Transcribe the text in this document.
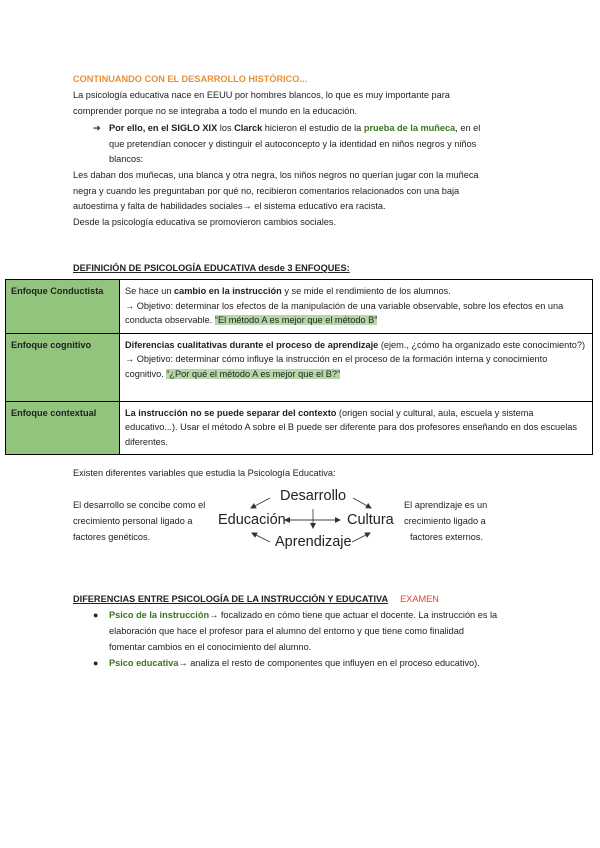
CONTINUANDO CON EL DESARROLLO HISTÓRICO...
La psicología educativa nace en EEUU por hombres blancos, lo que es muy importante para
comprender porque no se integraba a todo el mundo en la educación.
➔ Por ello, en el SIGLO XIX los Clarck hicieron el estudio de la prueba de la muñeca, en el
que pretendían conocer y distinguir el autoconcepto y la identidad en niños negros y niños
blancos:
Les daban dos muñecas, una blanca y otra negra, los niños negros no querían jugar con la muñeca
negra y cuando les preguntaban por qué no, recibieron comentarios relacionados con una baja
autoestima y falta de habilidades sociales→ el sistema educativo era racista.
Desde la psicología educativa se promovieron cambios sociales.
DEFINICIÓN DE PSICOLOGÍA EDUCATIVA desde 3 ENFOQUES:
Enfoque Conductista	Se hace un cambio en la instrucción y se mide el rendimiento de los alumnos.
→ Objetivo: determinar los efectos de la manipulación de una variable observable, sobre los efectos en una conducta observable. “El método A es mejor que el método B”
Enfoque cognitivo	Diferencias cualitativas durante el proceso de aprendizaje (ejem., ¿cómo ha organizado este conocimiento?)
→ Objetivo: determinar cómo influye la instrucción en el proceso de la formación interna y conocimiento cognitivo. “¿Por qué el método A es mejor que el B?”
Enfoque contextual	La instrucción no se puede separar del contexto (origen social y cultural, aula, escuela y sistema educativo...). Usar el método A sobre el B puede ser diferente para dos profesores enseñando en dos escuelas diferentes.
Existen diferentes variables que estudia la Psicología Educativa:
El desarrollo se concibe como el
crecimiento personal ligado a
factores genéticos.
El aprendizaje es un
crecimiento ligado a
factores externos.
Desarrollo
Educación	Cultura
Aprendizaje
DIFERENCIAS ENTRE PSICOLOGÍA DE LA INSTRUCCIÓN Y EDUCATIVA EXAMEN
● Psico de la instrucción→ focalizado en cómo tiene que actuar el docente. La instrucción es la
elaboración que hace el profesor para el alumno del entorno y que tiene como finalidad
fomentar cambios en el conocimiento del alumno.
● Psico educativa→ analiza el resto de componentes que influyen en el proceso educativo).
